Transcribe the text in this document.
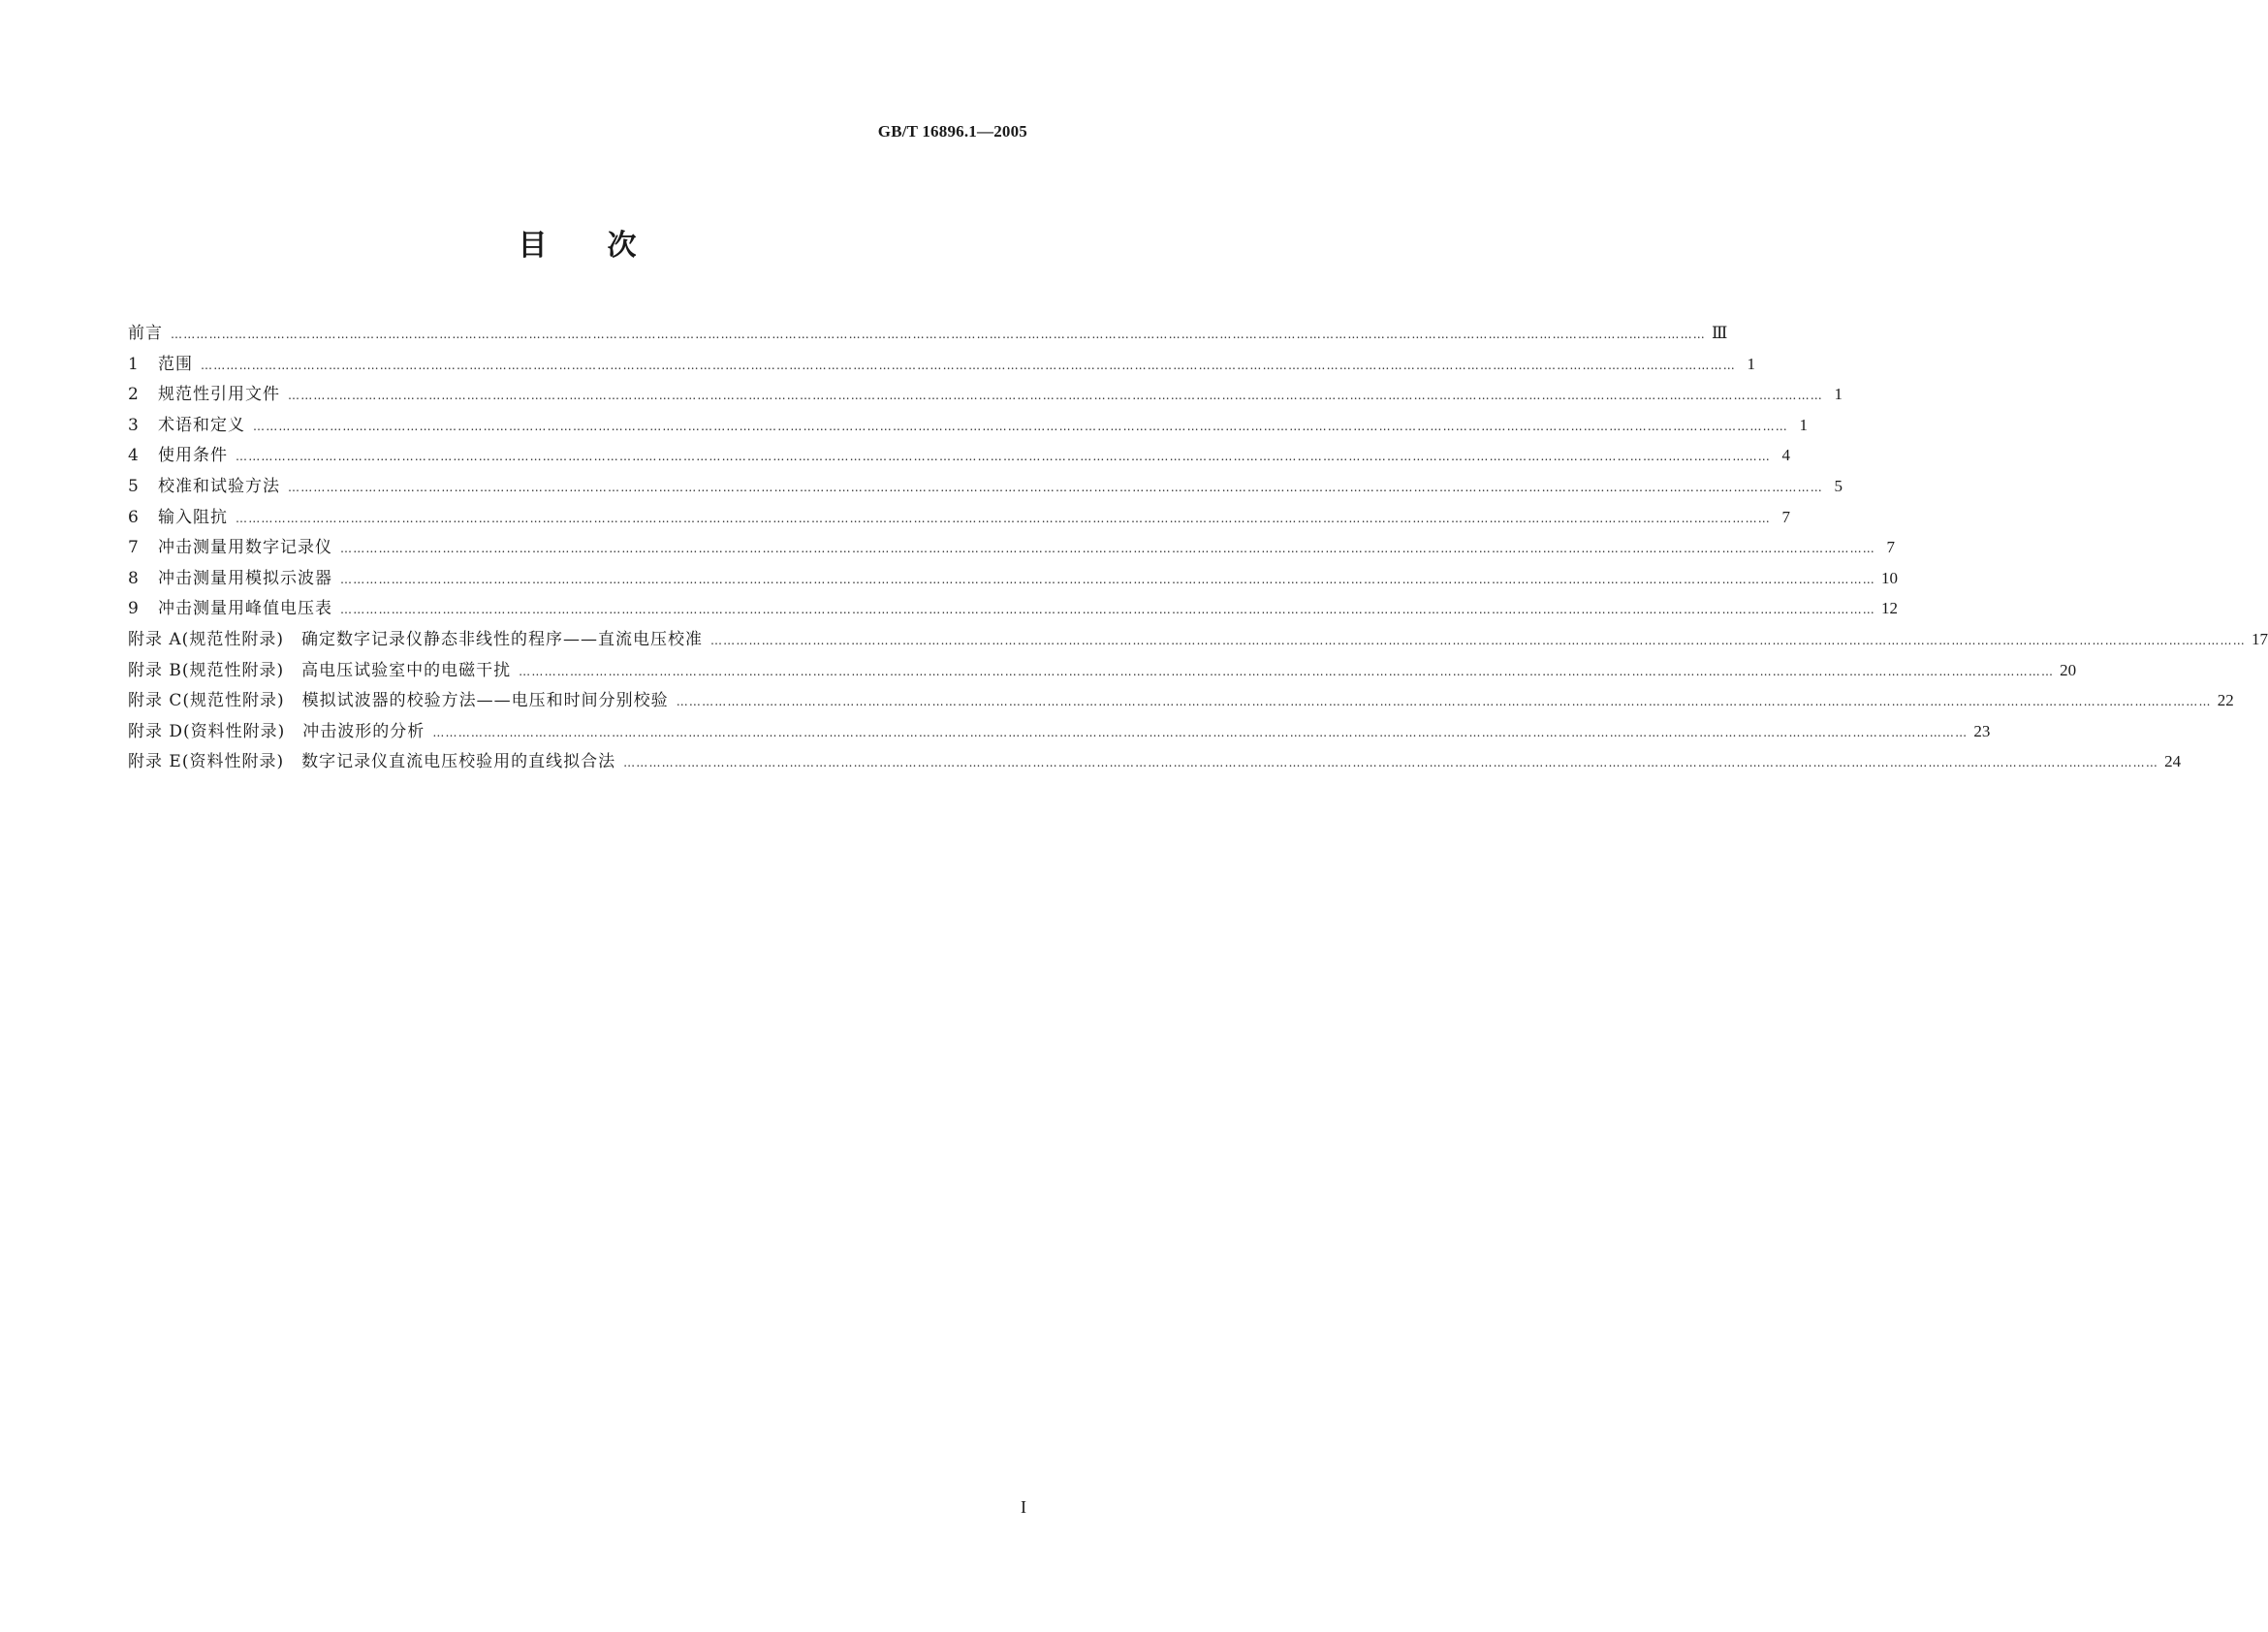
GB/T 16896.1—2005
目次
前言 ……………………………………………………………………………………………………………………………………………………………………………………………………………………………………………………………………………………………………………………………… Ⅲ
1	范围 ……………………………………………………………………………………………………………………………………………………………………………………………………………………………………………………………………………………………………………………………… 1
2	规范性引用文件 ……………………………………………………………………………………………………………………………………………………………………………………………………………………………………………………………………………………………………………………………… 1
3	术语和定义 ……………………………………………………………………………………………………………………………………………………………………………………………………………………………………………………………………………………………………………………………… 1
4	使用条件 ……………………………………………………………………………………………………………………………………………………………………………………………………………………………………………………………………………………………………………………………… 4
5	校准和试验方法 ……………………………………………………………………………………………………………………………………………………………………………………………………………………………………………………………………………………………………………………………… 5
6	输入阻抗 ……………………………………………………………………………………………………………………………………………………………………………………………………………………………………………………………………………………………………………………………… 7
7	冲击测量用数字记录仪 ……………………………………………………………………………………………………………………………………………………………………………………………………………………………………………………………………………………………………………………………… 7
8	冲击测量用模拟示波器 ……………………………………………………………………………………………………………………………………………………………………………………………………………………………………………………………………………………………………………………………… 10
9	冲击测量用峰值电压表 ……………………………………………………………………………………………………………………………………………………………………………………………………………………………………………………………………………………………………………………………… 12
附录 A(规范性附录)　确定数字记录仪静态非线性的程序——直流电压校准 ……………………………………………………………………………………………………………………………………………………………………………………………………………………………………………………………………………………………………………………………… 17
附录 B(规范性附录)　高电压试验室中的电磁干扰 ……………………………………………………………………………………………………………………………………………………………………………………………………………………………………………………………………………………………………………………………… 20
附录 C(规范性附录)　模拟试波器的校验方法——电压和时间分别校验 ……………………………………………………………………………………………………………………………………………………………………………………………………………………………………………………………………………………………………………………………… 22
附录 D(资料性附录)　冲击波形的分析 ……………………………………………………………………………………………………………………………………………………………………………………………………………………………………………………………………………………………………………………………… 23
附录 E(资料性附录)　数字记录仪直流电压校验用的直线拟合法 ……………………………………………………………………………………………………………………………………………………………………………………………………………………………………………………………………………………………………………………………… 24
I
